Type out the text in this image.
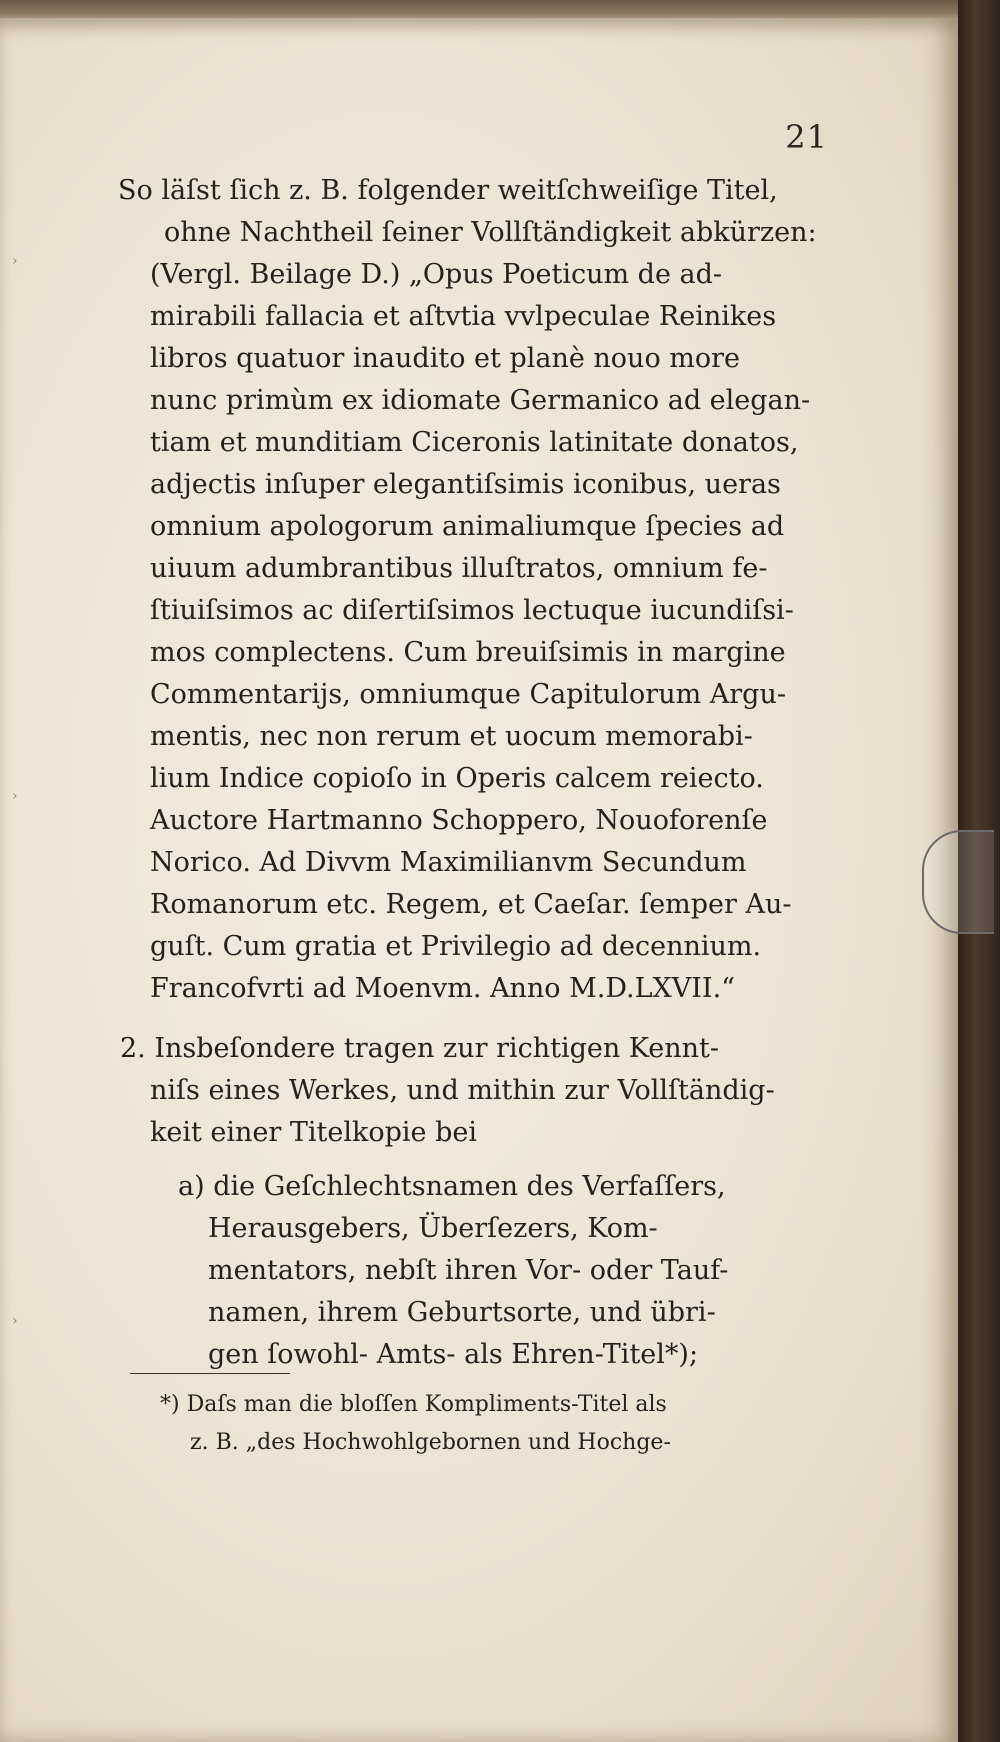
›
›
›
21
So läſst ſich z. B. folgender weitſchweiſige Titel,
ohne Nachtheil ſeiner Vollſtändigkeit abkürzen:
(Vergl. Beilage D.) „Opus Poeticum de ad-
mirabili fallacia et aſtvtia vvlpeculae Reinikes
libros quatuor inaudito et planè nouo more
nunc primùm ex idiomate Germanico ad elegan-
tiam et munditiam Ciceronis latinitate donatos,
adjectis inſuper elegantiſsimis iconibus, ueras
omnium apologorum animaliumque ſpecies ad
uiuum adumbrantibus illuſtratos, omnium fe-
ſtiuiſsimos ac diſertiſsimos lectuque iucundiſsi-
mos complectens. Cum breuiſsimis in margine
Commentarijs, omniumque Capitulorum Argu-
mentis, nec non rerum et uocum memorabi-
lium Indice copioſo in Operis calcem reiecto.
Auctore Hartmanno Schoppero, Nouoforenſe
Norico. Ad Divvm Maximilianvm Secundum
Romanorum etc. Regem, et Caeſar. ſemper Au-
guſt. Cum gratia et Privilegio ad decennium.
Francofvrti ad Moenvm. Anno M.D.LXVII.“
2. Insbeſondere tragen zur richtigen Kennt-
niſs eines Werkes, und mithin zur Vollſtändig-
keit einer Titelkopie bei
a) die Geſchlechtsnamen des Verfaſſers,
Herausgebers, Überſezers, Kom-
mentators, nebſt ihren Vor- oder Tauf-
namen, ihrem Geburtsorte, und übri-
gen ſowohl- Amts- als Ehren-Titel*);
*) Daſs man die bloſſen Kompliments-Titel als
z. B. „des Hochwohlgebornen und Hochge-
